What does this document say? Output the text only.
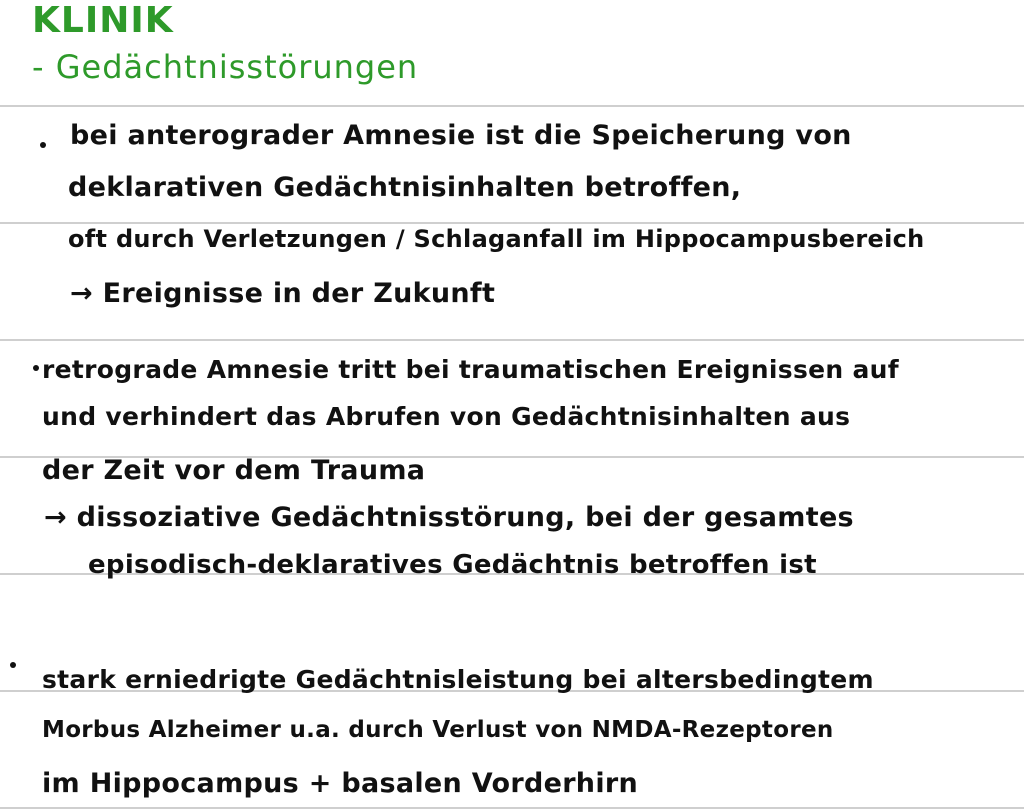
KLINIK
- Gedächtnisstörungen
bei anterograder Amnesie ist die Speicherung von
deklarativen Gedächtnisinhalten betroffen,
oft durch Verletzungen / Schlaganfall im Hippocampusbereich
→ Ereignisse in der Zukunft
retrograde Amnesie tritt bei traumatischen Ereignissen auf
und verhindert das Abrufen von Gedächtnisinhalten aus
der Zeit vor dem Trauma
→ dissoziative Gedächtnisstörung, bei der gesamtes
episodisch-deklaratives Gedächtnis betroffen ist
stark erniedrigte Gedächtnisleistung bei altersbedingtem
Morbus Alzheimer u.a. durch Verlust von NMDA-Rezeptoren
im Hippocampus + basalen Vorderhirn
